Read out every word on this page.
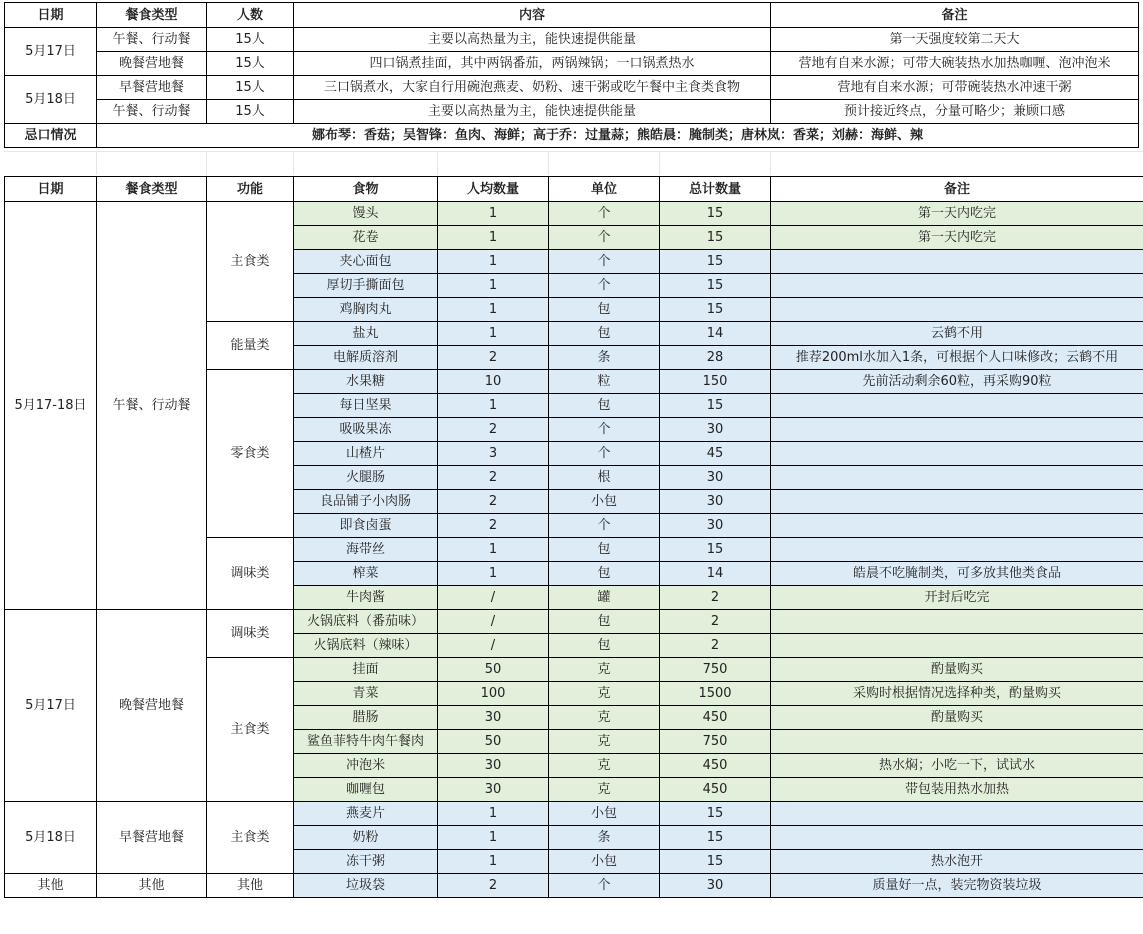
日期	餐食类型	人数	内容	备注
5月17日	午餐、行动餐	15人	主要以高热量为主，能快速提供能量	第一天强度较第二天大
	晚餐营地餐	15人	四口锅煮挂面，其中两锅番茄，两锅辣锅；一口锅煮热水	营地有自来水源；可带大碗装热水加热咖喱、泡冲泡米
5月18日	早餐营地餐	15人	三口锅煮水，大家自行用碗泡燕麦、奶粉、速干粥或吃午餐中主食类食物	营地有自来水源；可带碗装热水冲速干粥
	午餐、行动餐	15人	主要以高热量为主，能快速提供能量	预计接近终点，分量可略少；兼顾口感
忌口情况	娜布琴：香菇；吴智锋：鱼肉、海鲜；高于乔：过量蒜；熊皓晨：腌制类；唐林岚：香菜；刘赫：海鲜、辣			
日期	餐食类型	功能	食物	人均数量	单位	总计数量	备注
5月17-18日	午餐、行动餐	主食类	馒头	1	个	15	第一天内吃完
			花卷	1	个	15	第一天内吃完
			夹心面包	1	个	15	
			厚切手撕面包	1	个	15	
			鸡胸肉丸	1	包	15	
		能量类	盐丸	1	包	14	云鹤不用
			电解质溶剂	2	条	28	推荐200ml水加入1条，可根据个人口味修改；云鹤不用
		零食类	水果糖	10	粒	150	先前活动剩余60粒，再采购90粒
			每日坚果	1	包	15	
			吸吸果冻	2	个	30	
			山楂片	3	个	45	
			火腿肠	2	根	30	
			良品铺子小肉肠	2	小包	30	
			即食卤蛋	2	个	30	
		调味类	海带丝	1	包	15	
			榨菜	1	包	14	皓晨不吃腌制类，可多放其他类食品
			牛肉酱	/	罐	2	开封后吃完
5月17日	晚餐营地餐	调味类	火锅底料（番茄味）	/	包	2	
			火锅底料（辣味）	/	包	2	
		主食类	挂面	50	克	750	酌量购买
			青菜	100	克	1500	采购时根据情况选择种类，酌量购买
			腊肠	30	克	450	酌量购买
			鲨鱼菲特牛肉午餐肉	50	克	750	
			冲泡米	30	克	450	热水焖；小吃一下，试试水
			咖喱包	30	克	450	带包装用热水加热
5月18日	早餐营地餐	主食类	燕麦片	1	小包	15	
			奶粉	1	条	15	
			冻干粥	1	小包	15	热水泡开
其他	其他	其他	垃圾袋	2	个	30	质量好一点，装完物资装垃圾
